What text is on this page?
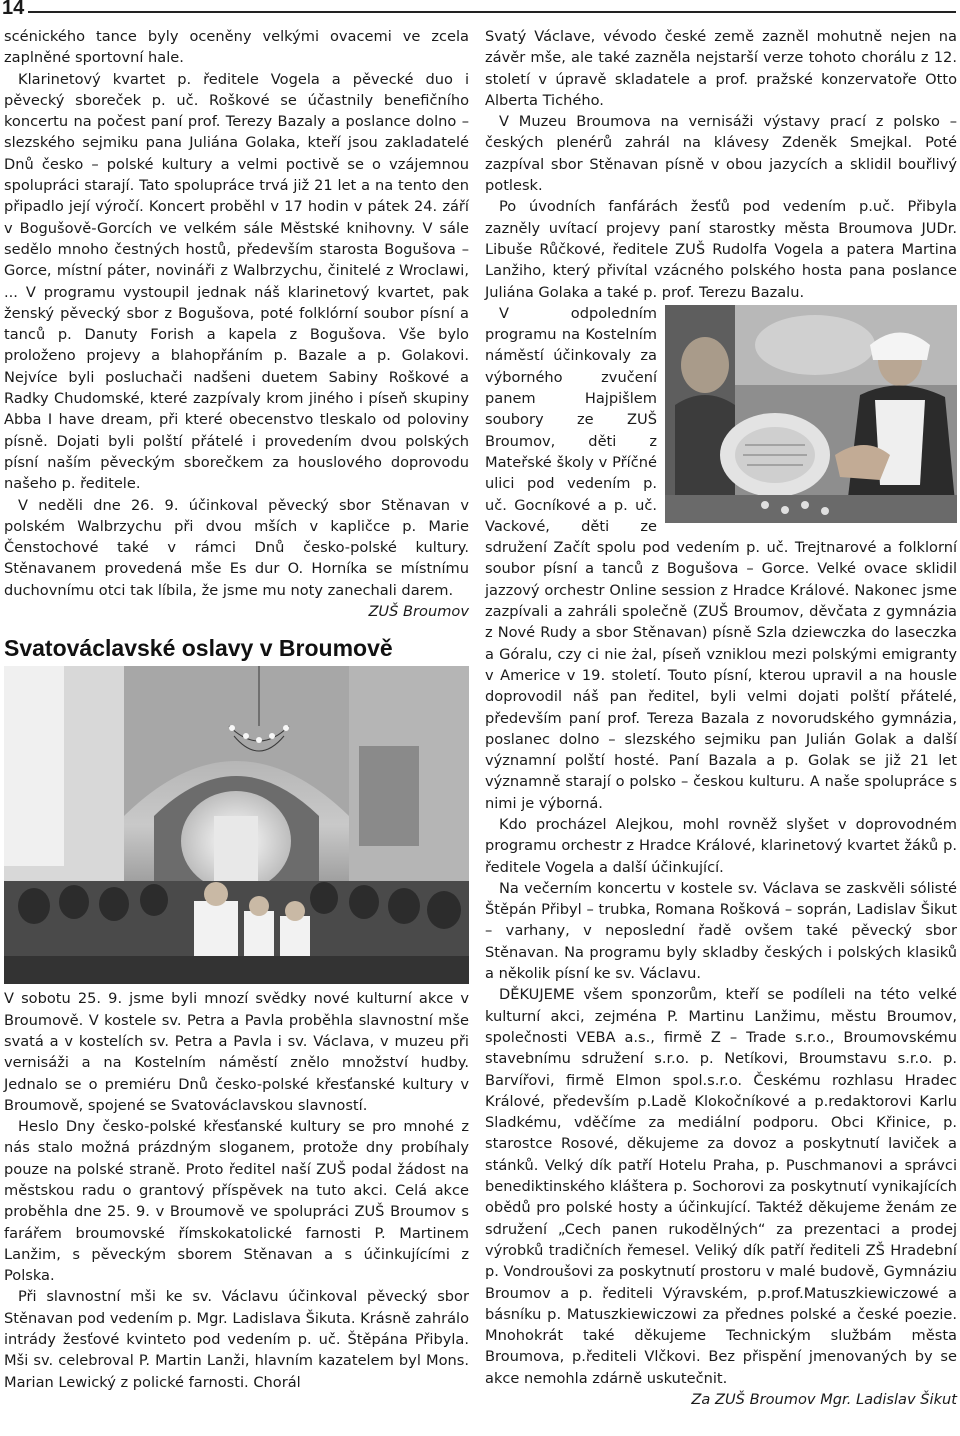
14

scénického tance byly oceněny velkými ovacemi ve zcela zaplněné sportovní hale.

Klarinetový kvartet p. ředitele Vogela a pěvecké duo i pěvecký sboreček p. uč. Roškové se účastnily benefičního koncertu na počest paní prof. Terezy Bazaly a poslance dolno –slezského sejmiku pana Juliána Golaka, kteří jsou zakladatelé Dnů česko – polské kultury a velmi poctivě se o vzájemnou spolupráci starají. Tato spolupráce trvá již 21 let a na tento den připadlo její výročí. Koncert proběhl v 17 hodin v pátek 24. září v Bogušově-Gorcích ve velkém sále Městské knihovny. V sále sedělo mnoho čestných hostů, především starosta Bogušova – Gorce, místní páter, novináři z Walbrzychu, činitelé z Wroclawi, ... V programu vystoupil jednak náš klarinetový kvartet, pak ženský pěvecký sbor z Bogušova, poté folklórní soubor písní a tanců p. Danuty Forish a kapela z Bogušova. Vše bylo proloženo projevy a blahopřáním p. Bazale a p. Golakovi. Nejvíce byli posluchači nadšeni duetem Sabiny Roškové a Radky Chudomské, které zazpívaly krom jiného i píseň skupiny Abba I have dream, při které obecenstvo tleskalo od poloviny písně. Dojati byli polští přátelé i provedením dvou polských písní naším pěveckým sborečkem za houslového doprovodu našeho p. ředitele.

V neděli dne 26. 9. účinkoval pěvecký sbor Stěnavan v polském Walbrzychu při dvou mších v kapličce p. Marie Čenstochové také v rámci Dnů česko-polské kultury. Stěnavanem provedená mše Es dur O. Horníka se místnímu duchovnímu otci tak líbila, že jsme mu noty zanechali darem.

ZUŠ Broumov

Svatováclavské oslavy v Broumově

V sobotu 25. 9. jsme byli mnozí svědky nové kulturní akce v Broumově. V kostele sv. Petra a Pavla proběhla slavnostní mše svatá a v kostelích sv. Petra a Pavla i sv. Václava, v muzeu při vernisáži a na Kostelním náměstí znělo množství hudby. Jednalo se o premiéru Dnů česko-polské křesťanské kultury v Broumově, spojené se Svatováclavskou slavností.

Heslo Dny česko-polské křesťanské kultury se pro mnohé z nás stalo možná prázdným sloganem, protože dny probíhaly pouze na polské straně. Proto ředitel naší ZUŠ podal žádost na městskou radu o grantový příspěvek na tuto akci. Celá akce proběhla dne 25. 9. v Broumově ve spolupráci ZUŠ Broumov s farářem broumovské římskokatolické farnosti P. Martinem Lanžim, s pěveckým sborem Stěnavan a s účinkujícími z Polska.

Při slavnostní mši ke sv. Václavu účinkoval pěvecký sbor Stěnavan pod vedením p. Mgr. Ladislava Šikuta. Krásně zahrálo intrády žesťové kvinteto pod vedením p. uč. Štěpána Přibyla. Mši sv. celebroval P. Martin Lanži, hlavním kazatelem byl Mons. Marian Lewický z polické farnosti. Chorál

Svatý Václave, vévodo české země zazněl mohutně nejen na závěr mše, ale také zazněla nejstarší verze tohoto chorálu z 12. století v úpravě skladatele a prof. pražské konzervatoře Otto Alberta Tichého.

V Muzeu Broumova na vernisáži výstavy prací z polsko – českých plenérů zahrál na klávesy Zdeněk Smejkal. Poté zazpíval sbor Stěnavan písně v obou jazycích a sklidil bouřlivý potlesk.

Po úvodních fanfárách žesťů pod vedením p.uč. Přibyla zazněly uvítací projevy paní starostky města Broumova JUDr. Libuše Růčkové, ředitele ZUŠ Rudolfa Vogela a patera Martina Lanžiho, který přivítal vzácného polského hosta pana poslance Juliána Golaka a také p. prof. Terezu Bazalu.

V odpoledním programu na Kostelním náměstí účinkovaly za výborného zvučení panem Hajpišlem soubory ze ZUŠ Broumov, děti z Mateřské školy v Příčné ulici pod vedením p. uč. Gocníkové a p. uč. Vackové, děti ze sdružení Začít spolu pod vedením p. uč. Trejtnarové a folklorní soubor písní a tanců z Bogušova – Gorce. Velké ovace sklidil jazzový orchestr Online session z Hradce Králové. Nakonec jsme zazpívali a zahráli společně (ZUŠ Broumov, děvčata z gymnázia z Nové Rudy a sbor Stěnavan) písně Szla dziewczka do laseczka a Góralu, czy ci nie żal, píseň vzniklou mezi polskými emigranty v Americe v 19. století. Touto písní, kterou upravil a na housle doprovodil náš pan ředitel, byli velmi dojati polští přátelé, především paní prof. Tereza Bazala z novorudského gymnázia, poslanec dolno – slezského sejmiku pan Julián Golak a další významní polští hosté. Paní Bazala a p. Golak se již 21 let významně starají o polsko – českou kulturu. A naše spolupráce s nimi je výborná.

Kdo procházel Alejkou, mohl rovněž slyšet v doprovodném programu orchestr z Hradce Králové, klarinetový kvartet žáků p. ředitele Vogela a další účinkující.

Na večerním koncertu v kostele sv. Václava se zaskvěli sólisté Štěpán Přibyl – trubka, Romana Rošková – soprán, Ladislav Šikut – varhany, v neposlední řadě ovšem také pěvecký sbor Stěnavan. Na programu byly skladby českých i polských klasiků a několik písní ke sv. Václavu.

DĚKUJEME všem sponzorům, kteří se podíleli na této velké kulturní akci, zejména P. Martinu Lanžimu, městu Broumov, společnosti VEBA a.s., firmě Z – Trade s.r.o., Broumovskému stavebnímu sdružení s.r.o. p. Netíkovi, Broumstavu s.r.o. p. Barvířovi, firmě Elmon spol.s.r.o. Českému rozhlasu Hradec Králové, především p.Ladě Klokočníkové a p.redaktorovi Karlu Sladkému, vděčíme za mediální podporu. Obci Křinice, p. starostce Rosové, děkujeme za dovoz a poskytnutí laviček a stánků. Velký dík patří Hotelu Praha, p. Puschmanovi a správci benediktinského kláštera p. Sochorovi za poskytnutí vynikajících obědů pro polské hosty a účinkující. Taktéž děkujeme ženám ze sdružení „Cech panen rukodělných“ za prezentaci a prodej výrobků tradičních řemesel. Veliký dík patří řediteli ZŠ Hradební p. Vondroušovi za poskytnutí prostoru v malé budově, Gymnáziu Broumov a p. řediteli Výravském, p.prof.Matuszkiewiczowé a básníku p. Matuszkiewiczowi za přednes polské a české poezie. Mnohokrát také děkujeme Technickým službám města Broumova, p.řediteli Vlčkovi. Bez přispění jmenovaných by se akce nemohla zdárně uskutečnit.

Za ZUŠ Broumov Mgr. Ladislav Šikut
